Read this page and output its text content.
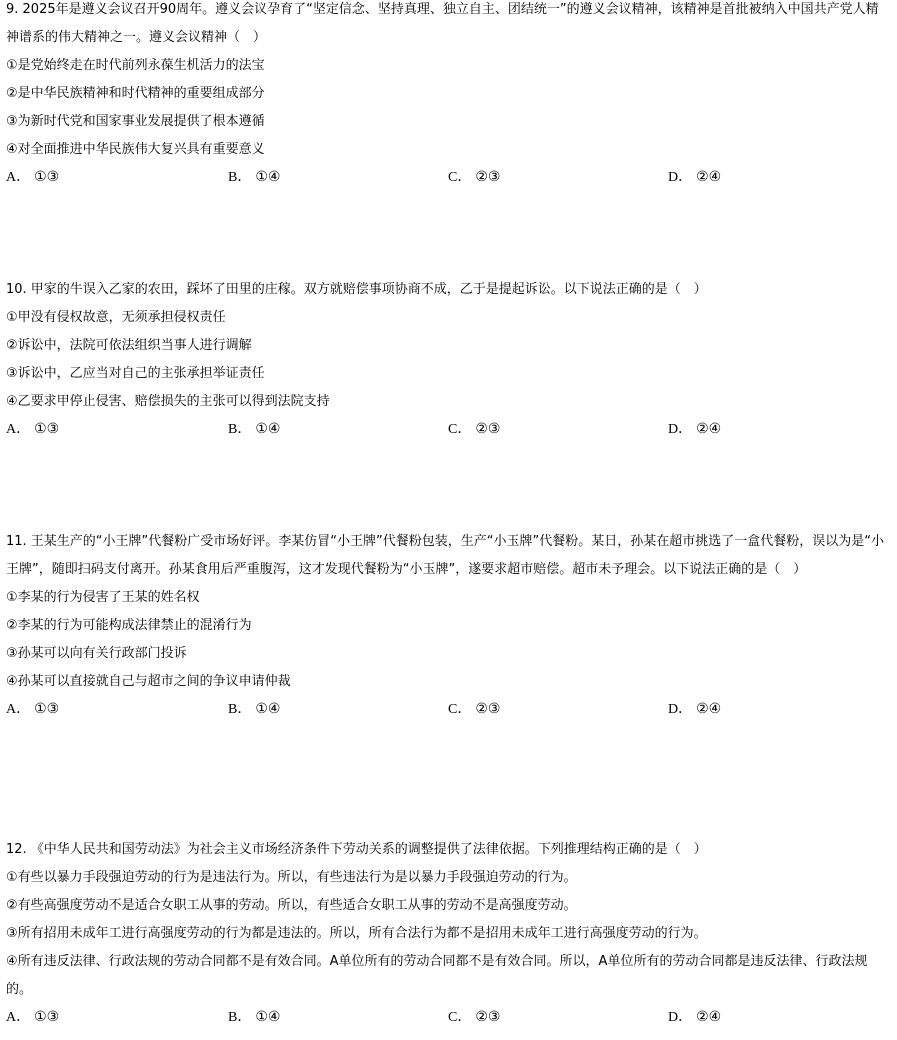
9. 2025年是遵义会议召开90周年。遵义会议孕育了“坚定信念、坚持真理、独立自主、团结统一”的遵义会议精神，该精神是首批被纳入中国共产党人精神谱系的伟大精神之一。遵义会议精神（　）
①是党始终走在时代前列永葆生机活力的法宝
②是中华民族精神和时代精神的重要组成部分
③为新时代党和国家事业发展提供了根本遵循
④对全面推进中华民族伟大复兴具有重要意义
A． ①③	B． ①④	C． ②③	D． ②④
10. 甲家的牛误入乙家的农田，踩坏了田里的庄稼。双方就赔偿事项协商不成，乙于是提起诉讼。以下说法正确的是（　）
①甲没有侵权故意，无须承担侵权责任
②诉讼中，法院可依法组织当事人进行调解
③诉讼中，乙应当对自己的主张承担举证责任
④乙要求甲停止侵害、赔偿损失的主张可以得到法院支持
A． ①③	B． ①④	C． ②③	D． ②④
11. 王某生产的“小王牌”代餐粉广受市场好评。李某仿冒“小王牌”代餐粉包装，生产“小玉牌”代餐粉。某日，孙某在超市挑选了一盒代餐粉，误以为是“小王牌”，随即扫码支付离开。孙某食用后严重腹泻，这才发现代餐粉为“小玉牌”，遂要求超市赔偿。超市未予理会。以下说法正确的是（　）
①李某的行为侵害了王某的姓名权
②李某的行为可能构成法律禁止的混淆行为
③孙某可以向有关行政部门投诉
④孙某可以直接就自己与超市之间的争议申请仲裁
A． ①③	B． ①④	C． ②③	D． ②④
12. 《中华人民共和国劳动法》为社会主义市场经济条件下劳动关系的调整提供了法律依据。下列推理结构正确的是（　）
①有些以暴力手段强迫劳动的行为是违法行为。所以，有些违法行为是以暴力手段强迫劳动的行为。
②有些高强度劳动不是适合女职工从事的劳动。所以，有些适合女职工从事的劳动不是高强度劳动。
③所有招用未成年工进行高强度劳动的行为都是违法的。所以，所有合法行为都不是招用未成年工进行高强度劳动的行为。
④所有违反法律、行政法规的劳动合同都不是有效合同。A单位所有的劳动合同都不是有效合同。所以，A单位所有的劳动合同都是违反法律、行政法规的。
A． ①③	B． ①④	C． ②③	D． ②④
